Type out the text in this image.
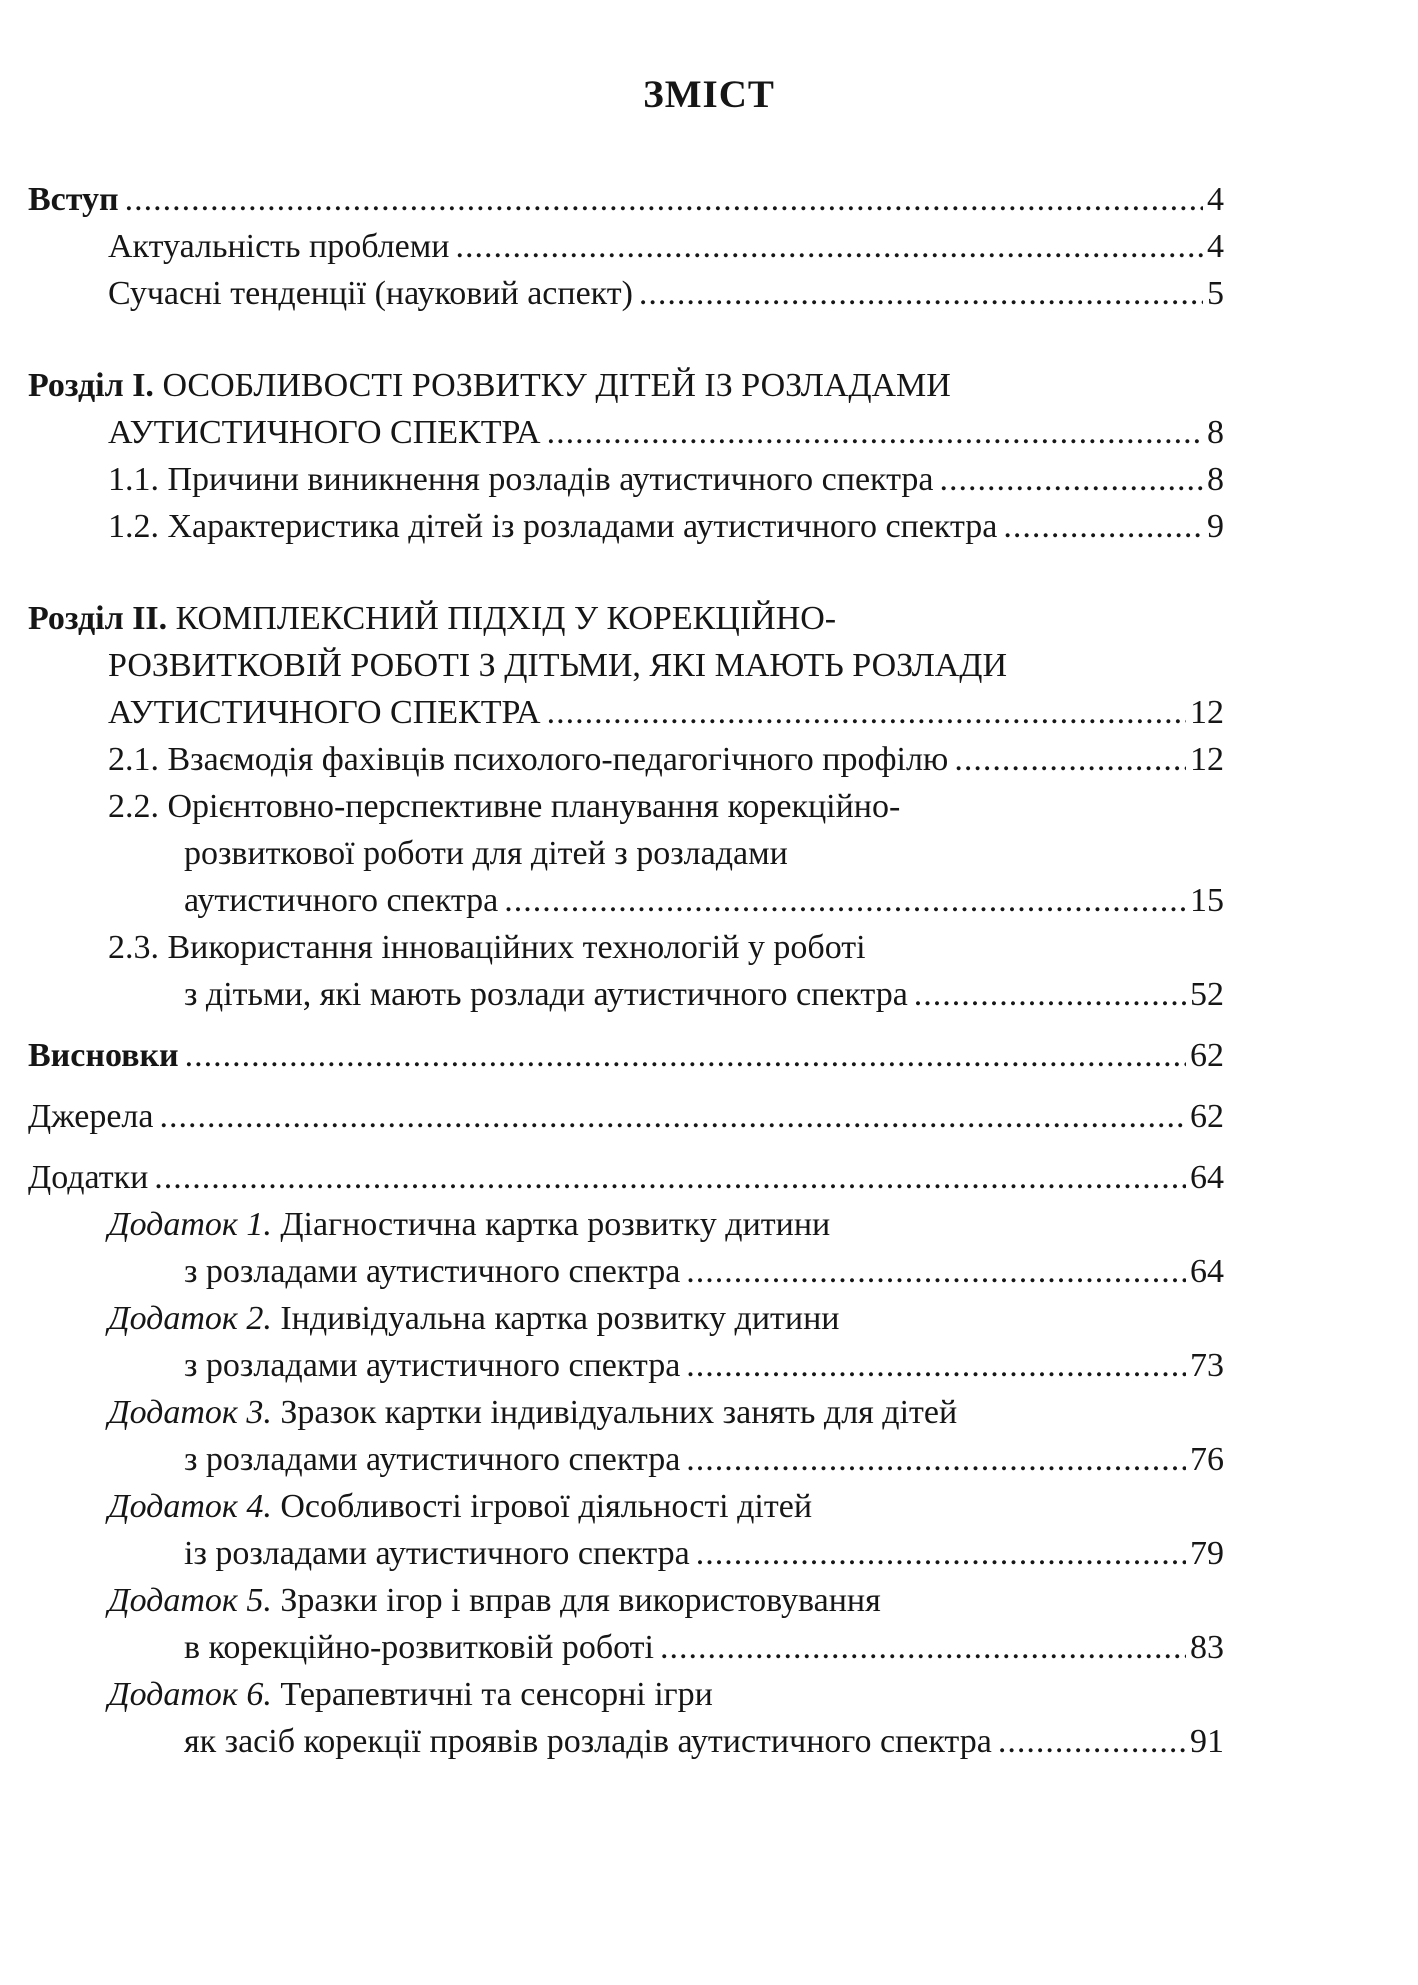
ЗМІСТ
Вступ .....	4
Актуальність проблеми .....	4
Сучасні тенденції (науковий аспект) .....	5
Розділ І. ОСОБЛИВОСТІ РОЗВИТКУ ДІТЕЙ ІЗ РОЗЛАДАМИ
АУТИСТИЧНОГО СПЕКТРА .....	8
1.1. Причини виникнення розладів аутистичного спектра .....	8
1.2. Характеристика дітей із розладами аутистичного спектра .....	9
Розділ ІІ. КОМПЛЕКСНИЙ ПІДХІД У КОРЕКЦІЙНО-
РОЗВИТКОВІЙ РОБОТІ З ДІТЬМИ, ЯКІ МАЮТЬ РОЗЛАДИ
АУТИСТИЧНОГО СПЕКТРА .....	12
2.1. Взаємодія фахівців психолого-педагогічного профілю .....	12
2.2. Орієнтовно-перспективне планування корекційно-
розвиткової роботи для дітей з розладами
аутистичного спектра .....	15
2.3. Використання інноваційних технологій у роботі
з дітьми, які мають розлади аутистичного спектра .....	52
Висновки .....	62
Джерела .....	62
Додатки .....	64
Додаток 1. Діагностична картка розвитку дитини
з розладами аутистичного спектра .....	64
Додаток 2. Індивідуальна картка розвитку дитини
з розладами аутистичного спектра .....	73
Додаток 3. Зразок картки індивідуальних занять для дітей
з розладами аутистичного спектра .....	76
Додаток 4. Особливості ігрової діяльності дітей
із розладами аутистичного спектра .....	79
Додаток 5. Зразки ігор і вправ для використовування
в корекційно-розвитковій роботі .....	83
Додаток 6. Терапевтичні та сенсорні ігри
як засіб корекції проявів розладів аутистичного спектра .....	91
